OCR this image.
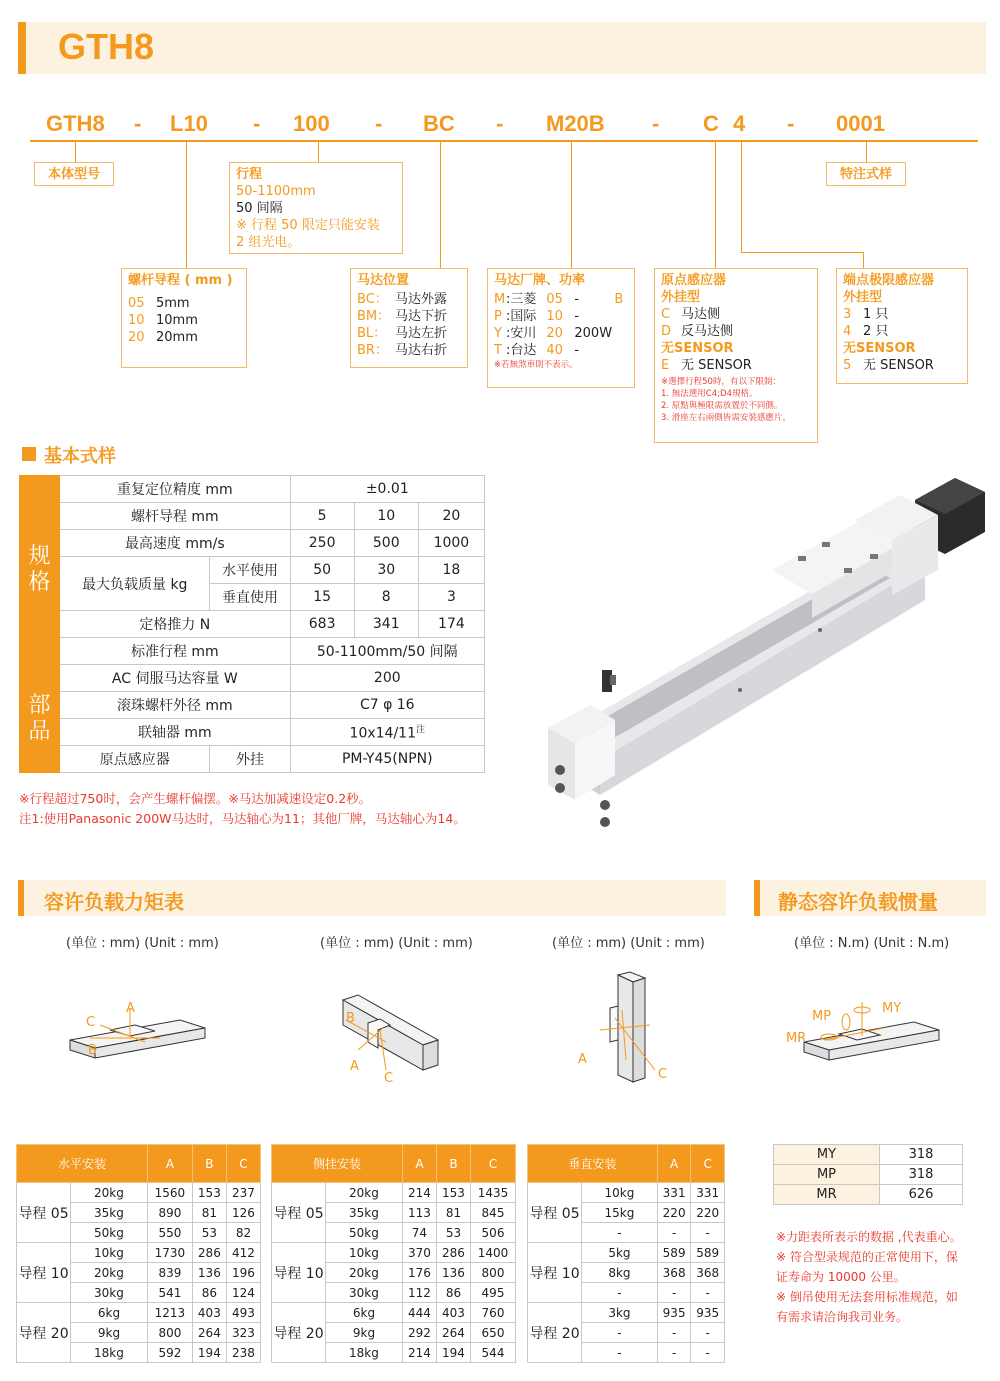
GTH8
GTH8 - L10 - 100 - BC - M20B - C 4 - 0001
本体型号	特注式样
行程
50-1100mm
50 间隔
※ 行程 50 限定只能安装
2 组光电。
螺杆导程 ( mm )
05 5mm
10 10mm
20 20mm
马达位置
BC： 马达外露
BM： 马达下折
BL： 马达左折
BR： 马达右折
马达厂牌、功率
M:三菱 05 -	B
P :国际 10 -
Y :安川 20 200W
T :台达 40 -
※若無煞車則不表示。
原点感应器
外挂型
C 马达侧
D 反马达侧
无SENSOR
E 无 SENSOR
※選擇行程50時，有以下限制：
1. 無法選用C4;D4規格。
2. 原點與極限需放置於不同側。
3. 滑座左右兩側皆需安裝感應片。
端点极限感应器
外挂型
3 1 只
4 2 只
无SENSOR
5 无 SENSOR
基本式样
规格	重复定位精度 mm		±0.01		
	螺杆导程 mm		5	10	20
	最高速度 mm/s		250	500	1000
	最大负载质量 kg	水平使用	50	30	18
		垂直使用	15	8	3
	定格推力 N		683	341	174
	标准行程 mm		50-1100mm/50 间隔		
部品	AC 伺服马达容量 W		200		
	滚珠螺杆外径 mm		C7 φ 16		
	联轴器 mm		$10x14/11^注$
	原点感应器	外挂	PM-Y45(NPN)		
※行程超过750时，会产生螺杆偏摆。※马达加减速设定0.2秒。
注1:使用Panasonic 200W马达时，马达轴心为11；其他厂牌，马达轴心为14。
容许负载力矩表	静态容许负载惯量
(单位 : mm) (Unit : mm)	(单位 : mm) (Unit : mm)	(单位 : mm) (Unit : mm)	(单位 : N.m) (Unit : N.m)
A
C
B
B
A
C
A
C
MP
MY
MR
水平安装		A	B	C
导程 05	20kg	1560	153	237
	35kg	890	81	126
	50kg	550	53	82
导程 10	10kg	1730	286	412
	20kg	839	136	196
	30kg	541	86	124
导程 20	6kg	1213	403	493
	9kg	800	264	323
	18kg	592	194	238
侧挂安装		A	B	C
导程 05	20kg	214	153	1435
	35kg	113	81	845
	50kg	74	53	506
导程 10	10kg	370	286	1400
	20kg	176	136	800
	30kg	112	86	495
导程 20	6kg	444	403	760
	9kg	292	264	650
	18kg	214	194	544
垂直安装		A	C
导程 05	10kg	331	331
	15kg	220	220
	-	-	-
导程 10	5kg	589	589
	8kg	368	368
	-	-	-
导程 20	3kg	935	935
	-	-	-
	-	-	-
MY	318
MP	318
MR	626
※力距表所表示的数据 ,代表重心。
※ 符合型录规范的正常使用下，保
证寿命为 10000 公里。
※ 倒吊使用无法套用标准规范，如
有需求请洽询我司业务。
